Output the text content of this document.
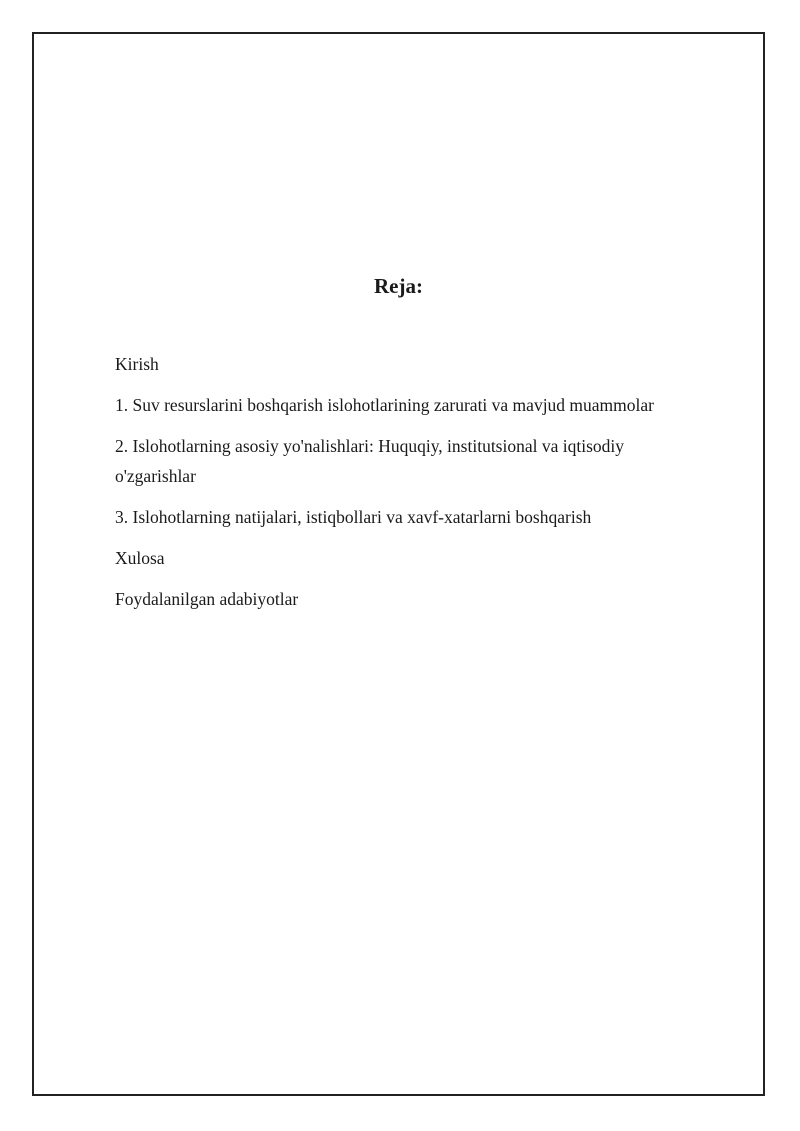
Reja:
Kirish
1. Suv resurslarini boshqarish islohotlarining zarurati va mavjud muammolar
2. Islohotlarning asosiy yo'nalishlari: Huquqiy, institutsional va iqtisodiy o'zgarishlar
3. Islohotlarning natijalari, istiqbollari va xavf-xatarlarni boshqarish
Xulosa
Foydalanilgan adabiyotlar
